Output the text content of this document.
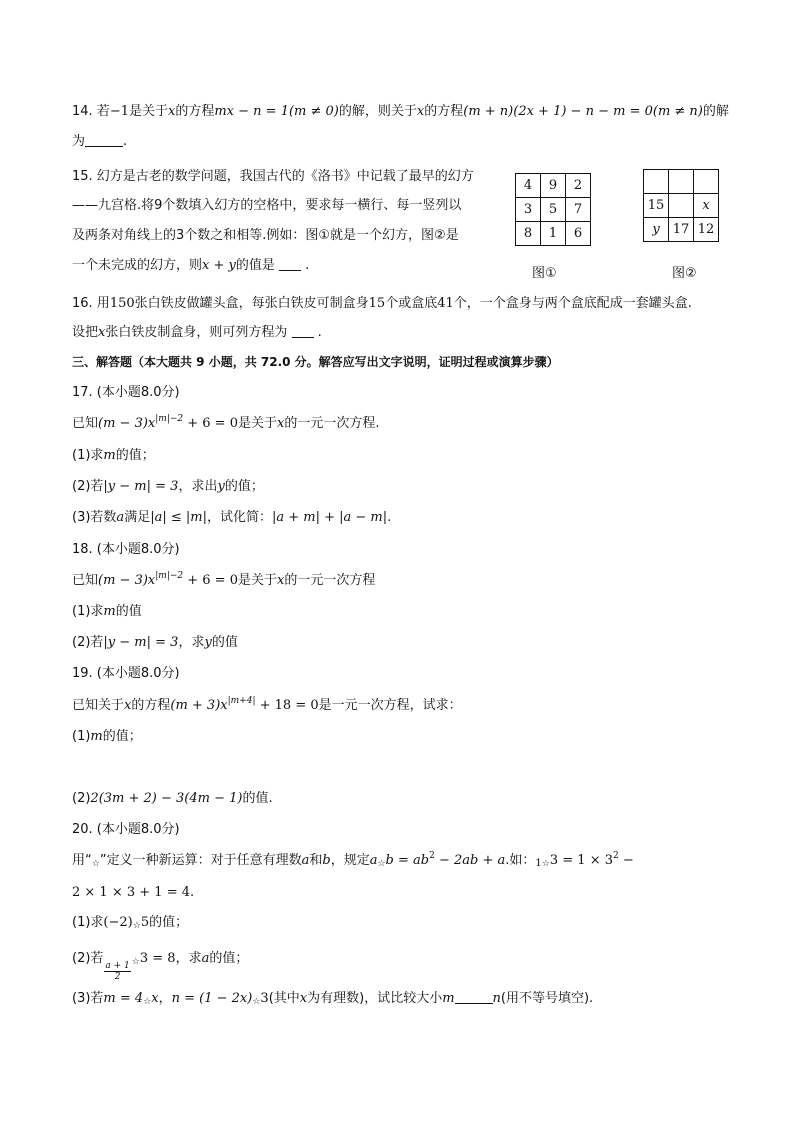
14. 若−1是关于x的方程mx − n = 1(m ≠ 0)的解，则关于x的方程(m + n)(2x + 1) − n − m = 0(m ≠ n)的解
为	.
15. 幻方是古老的数学问题，我国古代的《洛书》中记载了最早的幻方
——九宫格.将9个数填入幻方的空格中，要求每一横行、每一竖列以
及两条对角线上的3个数之和相等.例如：图①就是一个幻方，图②是
一个未完成的幻方，则x + y的值是 .
4	9	2
3	5	7
8	1	6
图①

15		x
y	17	12
图②
16. 用150张白铁皮做罐头盒，每张白铁皮可制盒身15个或盒底41个，一个盒身与两个盒底配成一套罐头盒.
设把x张白铁皮制盒身，则可列方程为 .
三、解答题（本大题共 9 小题，共 72.0 分。解答应写出文字说明，证明过程或演算步骤）
17. (本小题8.0分)
已知$(m - 3)x^{|m|-2} + 6 = 0$是关于x的一元一次方程.
(1)求m的值；
(2)若|y − m| = 3，求出y的值；
(3)若数a满足|a| ≤ |m|，试化简：|a + m| + |a − m|.
18. (本小题8.0分)
已知$(m - 3)x^{|m|-2} + 6 = 0$是关于x的一元一次方程
(1)求m的值
(2)若|y − m| = 3，求y的值
19. (本小题8.0分)
已知关于x的方程$(m + 3)x^{|m+4|} + 18 = 0$是一元一次方程，试求：
(1)m的值；
(2)2(3m + 2) − 3(4m − 1)的值.
20. (本小题8.0分)
用“☆”定义一种新运算：对于任意有理数a和b，规定a☆b = $ab^2 - 2ab + a$.如：1☆3 = $1 \times 3^2$ −
2 × 1 × 3 + 1 = 4.
(1)求(−2)☆5的值；
(2)若
$\frac{a + 1}{2}$ ☆3 = 8，求a的值；
(3)若m = 4☆x，n = (1 − 2x)☆3(其中x为有理数)，试比较大小m	n(用不等号填空).
